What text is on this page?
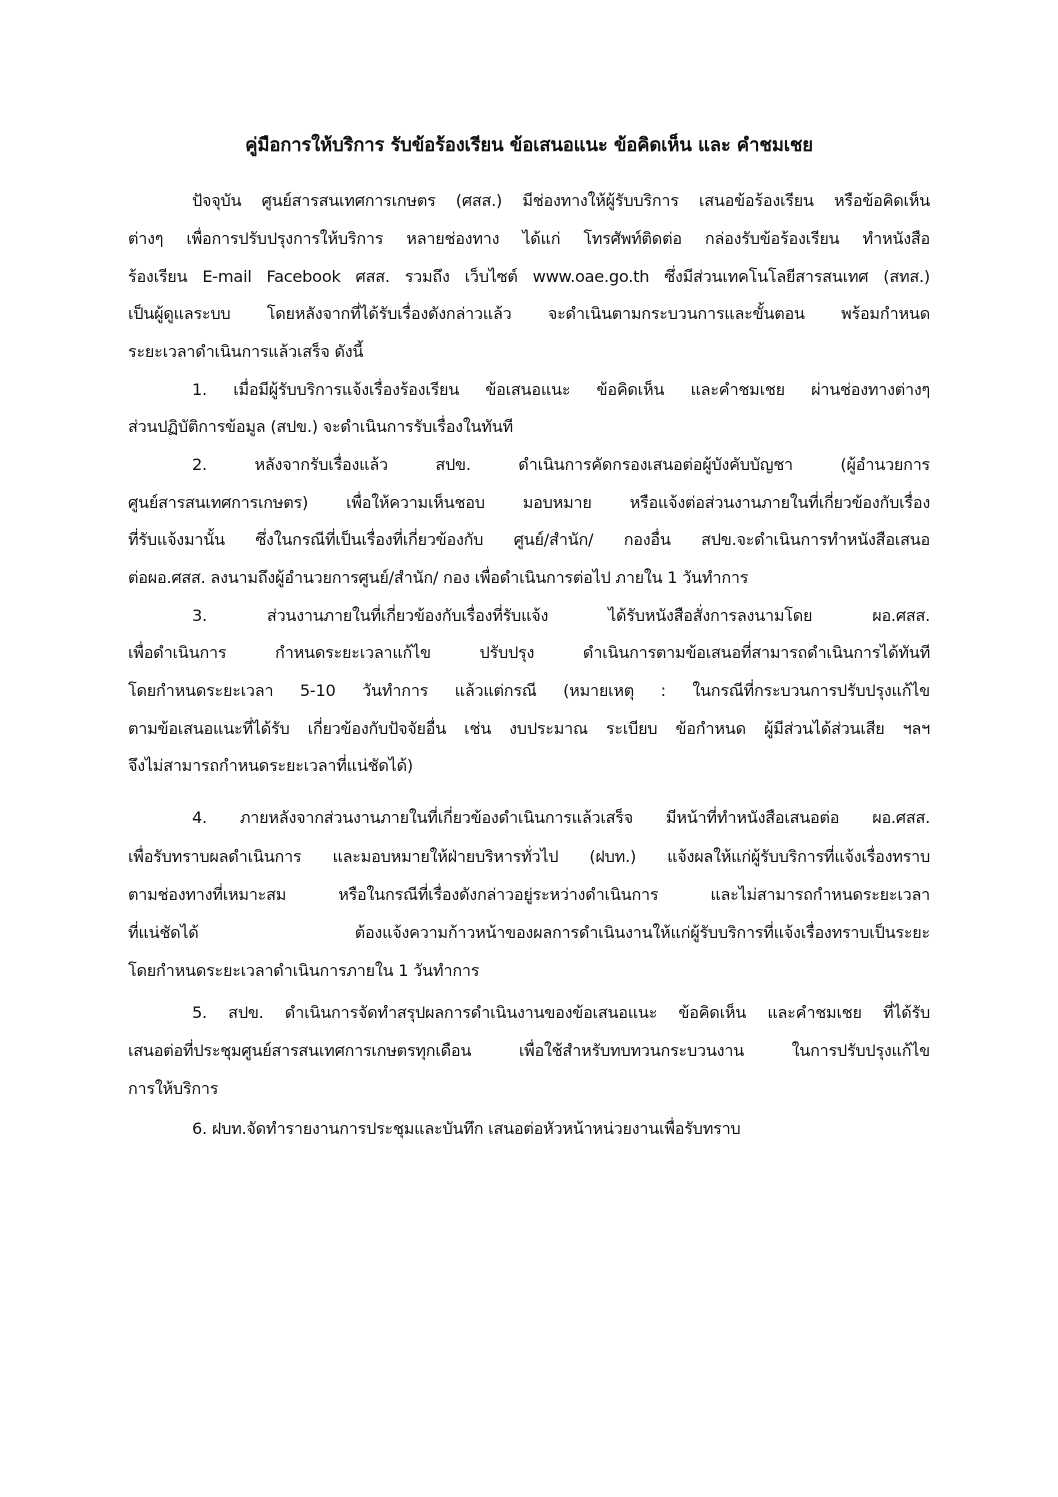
คู่มือการให้บริการ รับข้อร้องเรียน ข้อเสนอแนะ ข้อคิดเห็น และ คำชมเชย
ปัจจุบัน ศูนย์สารสนเทศการเกษตร (ศสส.) มีช่องทางให้ผู้รับบริการ เสนอข้อร้องเรียน หรือข้อคิดเห็น
ต่างๆ เพื่อการปรับปรุงการให้บริการ หลายช่องทาง ได้แก่ โทรศัพท์ติดต่อ กล่องรับข้อร้องเรียน ทำหนังสือ
ร้องเรียน E-mail Facebook ศสส. รวมถึง เว็บไซต์ www.oae.go.th ซึ่งมีส่วนเทคโนโลยีสารสนเทศ (สทส.)
เป็นผู้ดูแลระบบ โดยหลังจากที่ได้รับเรื่องดังกล่าวแล้ว จะดำเนินตามกระบวนการและขั้นตอน พร้อมกำหนด
ระยะเวลาดำเนินการแล้วเสร็จ ดังนี้
1. เมื่อมีผู้รับบริการแจ้งเรื่องร้องเรียน ข้อเสนอแนะ ข้อคิดเห็น และคำชมเชย ผ่านช่องทางต่างๆ
ส่วนปฏิบัติการข้อมูล (สปข.) จะดำเนินการรับเรื่องในทันที
2. หลังจากรับเรื่องแล้ว สปข. ดำเนินการคัดกรองเสนอต่อผู้บังคับบัญชา (ผู้อำนวยการ
ศูนย์สารสนเทศการเกษตร) เพื่อให้ความเห็นชอบ มอบหมาย หรือแจ้งต่อส่วนงานภายในที่เกี่ยวข้องกับเรื่อง
ที่รับแจ้งมานั้น ซึ่งในกรณีที่เป็นเรื่องที่เกี่ยวข้องกับ ศูนย์/สำนัก/ กองอื่น สปข.จะดำเนินการทำหนังสือเสนอ
ต่อผอ.ศสส. ลงนามถึงผู้อำนวยการศูนย์/สำนัก/ กอง เพื่อดำเนินการต่อไป ภายใน 1 วันทำการ
3. ส่วนงานภายในที่เกี่ยวข้องกับเรื่องที่รับแจ้ง ได้รับหนังสือสั่งการลงนามโดย ผอ.ศสส.
เพื่อดำเนินการ กำหนดระยะเวลาแก้ไข ปรับปรุง ดำเนินการตามข้อเสนอที่สามารถดำเนินการได้ทันที
โดยกำหนดระยะเวลา 5-10 วันทำการ แล้วแต่กรณี (หมายเหตุ : ในกรณีที่กระบวนการปรับปรุงแก้ไข
ตามข้อเสนอแนะที่ได้รับ เกี่ยวข้องกับปัจจัยอื่น เช่น งบประมาณ ระเบียบ ข้อกำหนด ผู้มีส่วนได้ส่วนเสีย ฯลฯ
จึงไม่สามารถกำหนดระยะเวลาที่แน่ชัดได้)
4. ภายหลังจากส่วนงานภายในที่เกี่ยวข้องดำเนินการแล้วเสร็จ มีหน้าที่ทำหนังสือเสนอต่อ ผอ.ศสส.
เพื่อรับทราบผลดำเนินการ และมอบหมายให้ฝ่ายบริหารทั่วไป (ฝบท.) แจ้งผลให้แก่ผู้รับบริการที่แจ้งเรื่องทราบ
ตามช่องทางที่เหมาะสม หรือในกรณีที่เรื่องดังกล่าวอยู่ระหว่างดำเนินการ และไม่สามารถกำหนดระยะเวลา
ที่แน่ชัดได้ ต้องแจ้งความก้าวหน้าของผลการดำเนินงานให้แก่ผู้รับบริการที่แจ้งเรื่องทราบเป็นระยะ
โดยกำหนดระยะเวลาดำเนินการภายใน 1 วันทำการ
5. สปข. ดำเนินการจัดทำสรุปผลการดำเนินงานของข้อเสนอแนะ ข้อคิดเห็น และคำชมเชย ที่ได้รับ
เสนอต่อที่ประชุมศูนย์สารสนเทศการเกษตรทุกเดือน เพื่อใช้สำหรับทบทวนกระบวนงาน ในการปรับปรุงแก้ไข
การให้บริการ
6. ฝบท.จัดทำรายงานการประชุมและบันทึก เสนอต่อหัวหน้าหน่วยงานเพื่อรับทราบ
